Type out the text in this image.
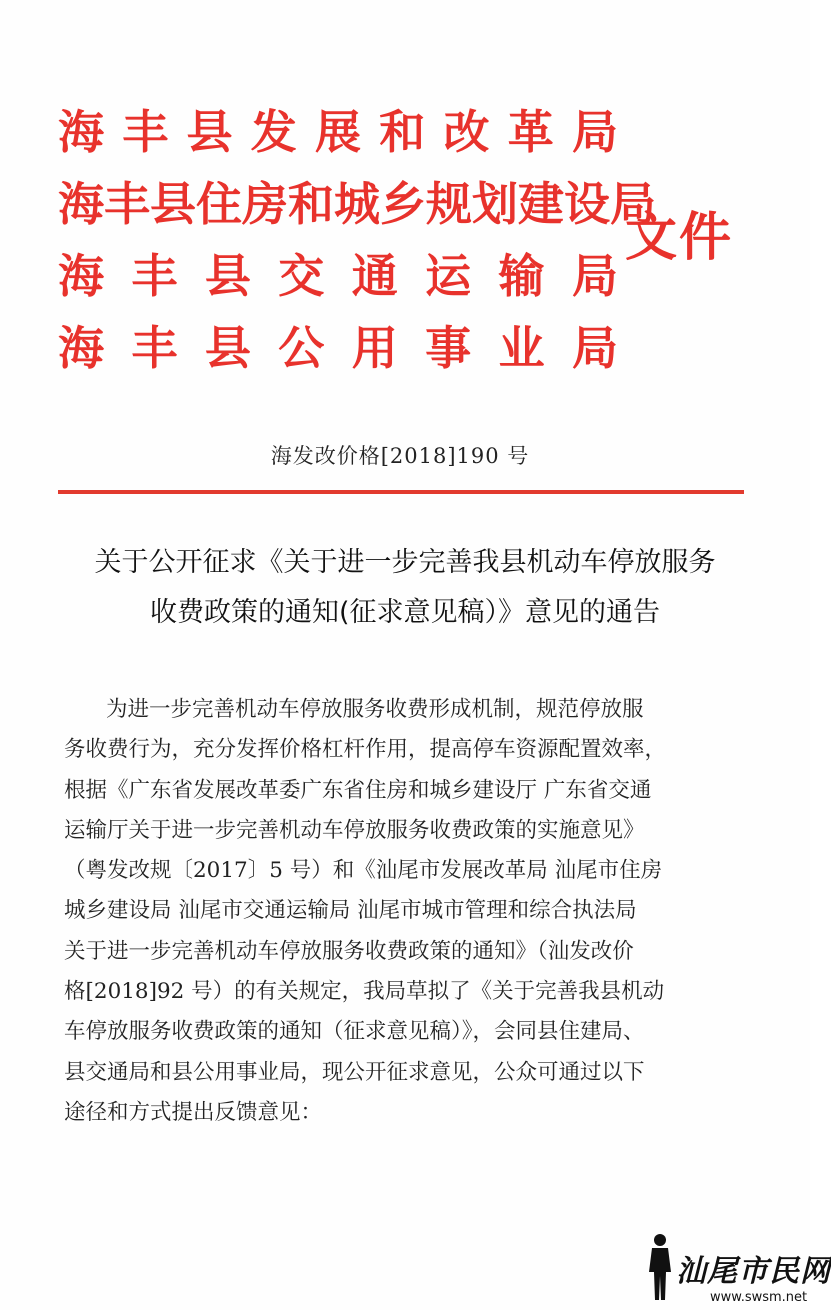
海 丰 县 发 展 和 改 革 局
海 丰 县 住 房 和 城 乡 规 划 建 设 局
海 丰 县 交 通 运 输 局
海 丰 县 公 用 事 业 局
文件
海发改价格[2018]190 号
关于公开征求《关于进一步完善我县机动车停放服务
收费政策的通知(征求意见稿）》意见的通告
为进一步完善机动车停放服务收费形成机制，规范停放服
务收费行为，充分发挥价格杠杆作用，提高停车资源配置效率，
根据《广东省发展改革委广东省住房和城乡建设厅 广东省交通
运输厅关于进一步完善机动车停放服务收费政策的实施意见》
（粤发改规〔2017〕5 号）和《汕尾市发展改革局 汕尾市住房
城乡建设局 汕尾市交通运输局 汕尾市城市管理和综合执法局
关于进一步完善机动车停放服务收费政策的通知》（汕发改价
格[2018]92 号）的有关规定，我局草拟了《关于完善我县机动
车停放服务收费政策的通知（征求意见稿）》，会同县住建局、
县交通局和县公用事业局，现公开征求意见，公众可通过以下
途径和方式提出反馈意见：
汕尾市民网
www.swsm.net
